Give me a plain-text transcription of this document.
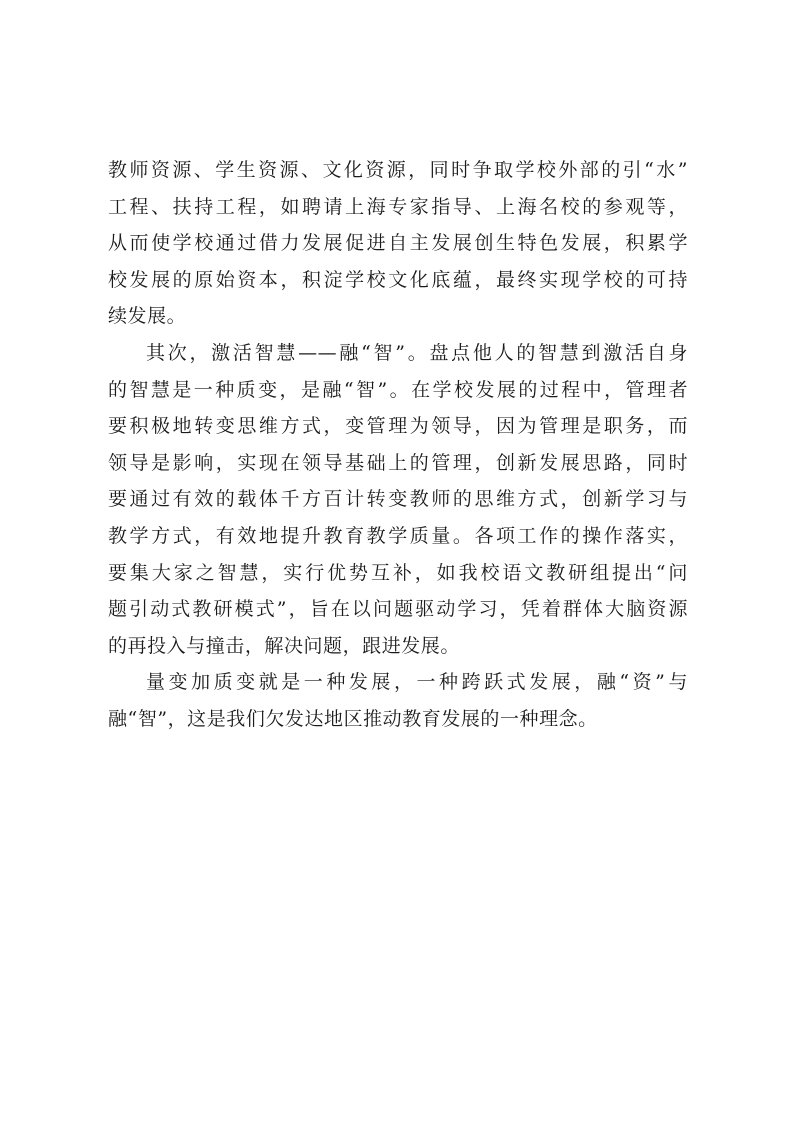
教师资源、学生资源、文化资源，同时争取学校外部的引“水”
工程、扶持工程，如聘请上海专家指导、上海名校的参观等，
从而使学校通过借力发展促进自主发展创生特色发展，积累学
校发展的原始资本，积淀学校文化底蕴，最终实现学校的可持
续发展。
其次，激活智慧——融“智”。盘点他人的智慧到激活自身
的智慧是一种质变，是融“智”。在学校发展的过程中，管理者
要积极地转变思维方式，变管理为领导，因为管理是职务，而
领导是影响，实现在领导基础上的管理，创新发展思路，同时
要通过有效的载体千方百计转变教师的思维方式，创新学习与
教学方式，有效地提升教育教学质量。各项工作的操作落实，
要集大家之智慧，实行优势互补，如我校语文教研组提出“问
题引动式教研模式”，旨在以问题驱动学习，凭着群体大脑资源
的再投入与撞击，解决问题，跟进发展。
量变加质变就是一种发展，一种跨跃式发展，融“资”与
融“智”，这是我们欠发达地区推动教育发展的一种理念。
